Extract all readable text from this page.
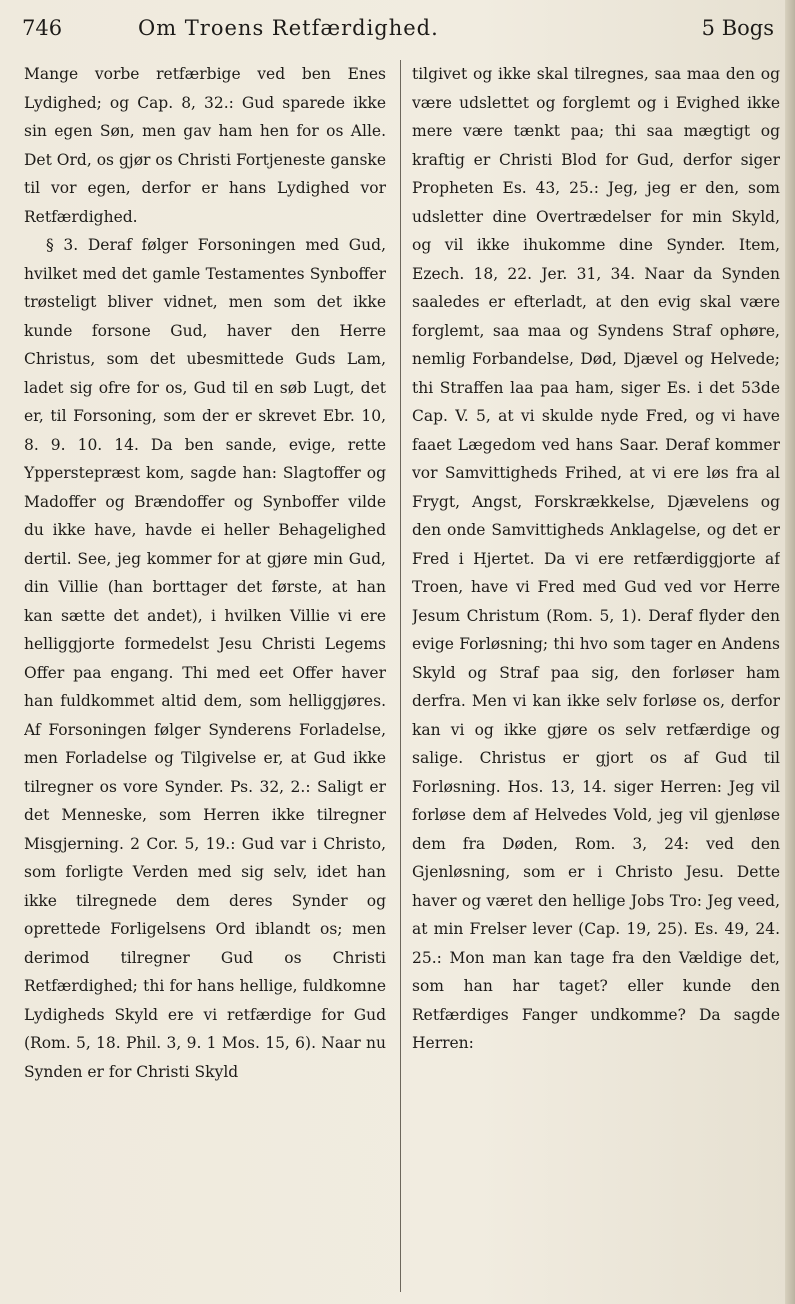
746	Om Troens Retfærdighed.	5 Bogs

Mange vorbe retfærbige ved ben Enes Lydighed; og Cap. 8, 32.: Gud sparede ikke sin egen Søn, men gav ham hen for os Alle. Det Ord, os gjør os Christi Fortjeneste ganske til vor egen, derfor er hans Lydighed vor Retfærdighed.

§ 3. Deraf følger Forsoningen med Gud, hvilket med det gamle Testamentes Synboffer trøsteligt bliver vidnet, men som det ikke kunde forsone Gud, haver den Herre Christus, som det ubesmittede Guds Lam, ladet sig ofre for os, Gud til en søb Lugt, det er, til Forsoning, som der er skrevet Ebr. 10, 8. 9. 10. 14. Da ben sande, evige, rette Ypperstepræst kom, sagde han: Slagtoffer og Madoffer og Brændoffer og Synboffer vilde du ikke have, havde ei heller Behagelighed dertil. See, jeg kommer for at gjøre min Gud, din Villie (han borttager det første, at han kan sætte det andet), i hvilken Villie vi ere helliggjorte formedelst Jesu Christi Legems Offer paa engang. Thi med eet Offer haver han fuldkommet altid dem, som helliggjøres. Af Forsoningen følger Synderens Forladelse, men Forladelse og Tilgivelse er, at Gud ikke tilregner os vore Synder. Ps. 32, 2.: Saligt er det Menneske, som Herren ikke tilregner Misgjerning. 2 Cor. 5, 19.: Gud var i Christo, som forligte Verden med sig selv, idet han ikke tilregnede dem deres Synder og oprettede Forligelsens Ord iblandt os; men derimod tilregner Gud os Christi Retfærdighed; thi for hans hellige, fuldkomne Lydigheds Skyld ere vi retfærdige for Gud (Rom. 5, 18. Phil. 3, 9. 1 Mos. 15, 6). Naar nu Synden er for Christi Skyld

tilgivet og ikke skal tilregnes, saa maa den og være udslettet og forglemt og i Evighed ikke mere være tænkt paa; thi saa mægtigt og kraftig er Christi Blod for Gud, derfor siger Propheten Es. 43, 25.: Jeg, jeg er den, som udsletter dine Overtrædelser for min Skyld, og vil ikke ihukomme dine Synder. Item, Ezech. 18, 22. Jer. 31, 34. Naar da Synden saaledes er efterladt, at den evig skal være forglemt, saa maa og Syndens Straf ophøre, nemlig Forbandelse, Død, Djævel og Helvede; thi Straffen laa paa ham, siger Es. i det 53de Cap. V. 5, at vi skulde nyde Fred, og vi have faaet Lægedom ved hans Saar. Deraf kommer vor Samvittigheds Frihed, at vi ere løs fra al Frygt, Angst, Forskrækkelse, Djævelens og den onde Samvittigheds Anklagelse, og det er Fred i Hjertet. Da vi ere retfærdiggjorte af Troen, have vi Fred med Gud ved vor Herre Jesum Christum (Rom. 5, 1). Deraf flyder den evige Forløsning; thi hvo som tager en Andens Skyld og Straf paa sig, den forløser ham derfra. Men vi kan ikke selv forløse os, derfor kan vi og ikke gjøre os selv retfærdige og salige. Christus er gjort os af Gud til Forløsning. Hos. 13, 14. siger Herren: Jeg vil forløse dem af Helvedes Vold, jeg vil gjenløse dem fra Døden, Rom. 3, 24: ved den Gjenløsning, som er i Christo Jesu. Dette haver og været den hellige Jobs Tro: Jeg veed, at min Frelser lever (Cap. 19, 25). Es. 49, 24. 25.: Mon man kan tage fra den Vældige det, som han har taget? eller kunde den Retfærdiges Fanger undkomme? Da sagde Herren:
